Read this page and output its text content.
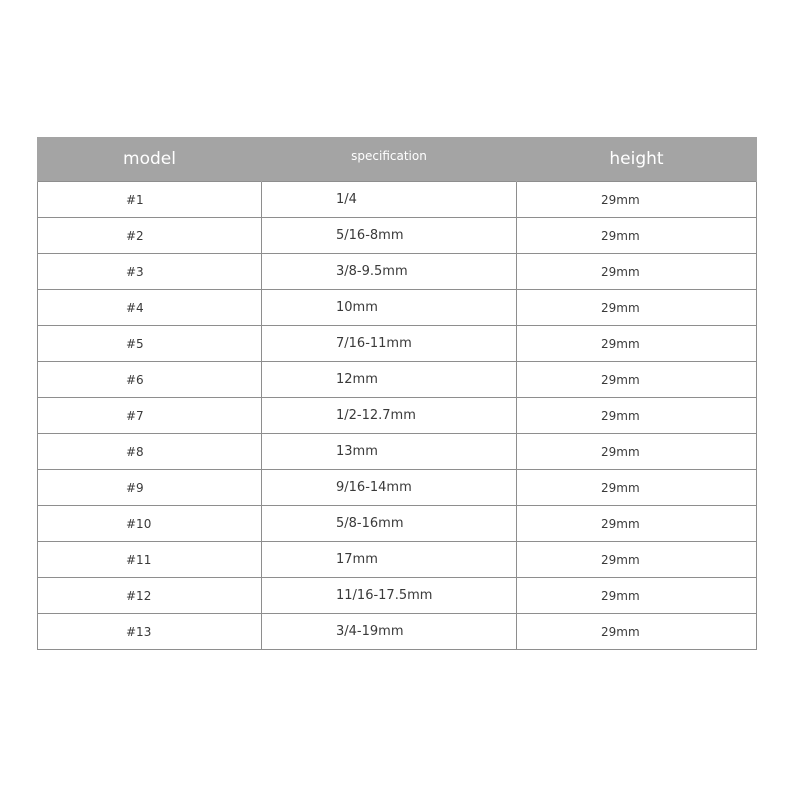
model	specification	height
#1	1/4	29mm
#2	5/16-8mm	29mm
#3	3/8-9.5mm	29mm
#4	10mm	29mm
#5	7/16-11mm	29mm
#6	12mm	29mm
#7	1/2-12.7mm	29mm
#8	13mm	29mm
#9	9/16-14mm	29mm
#10	5/8-16mm	29mm
#11	17mm	29mm
#12	11/16-17.5mm	29mm
#13	3/4-19mm	29mm
